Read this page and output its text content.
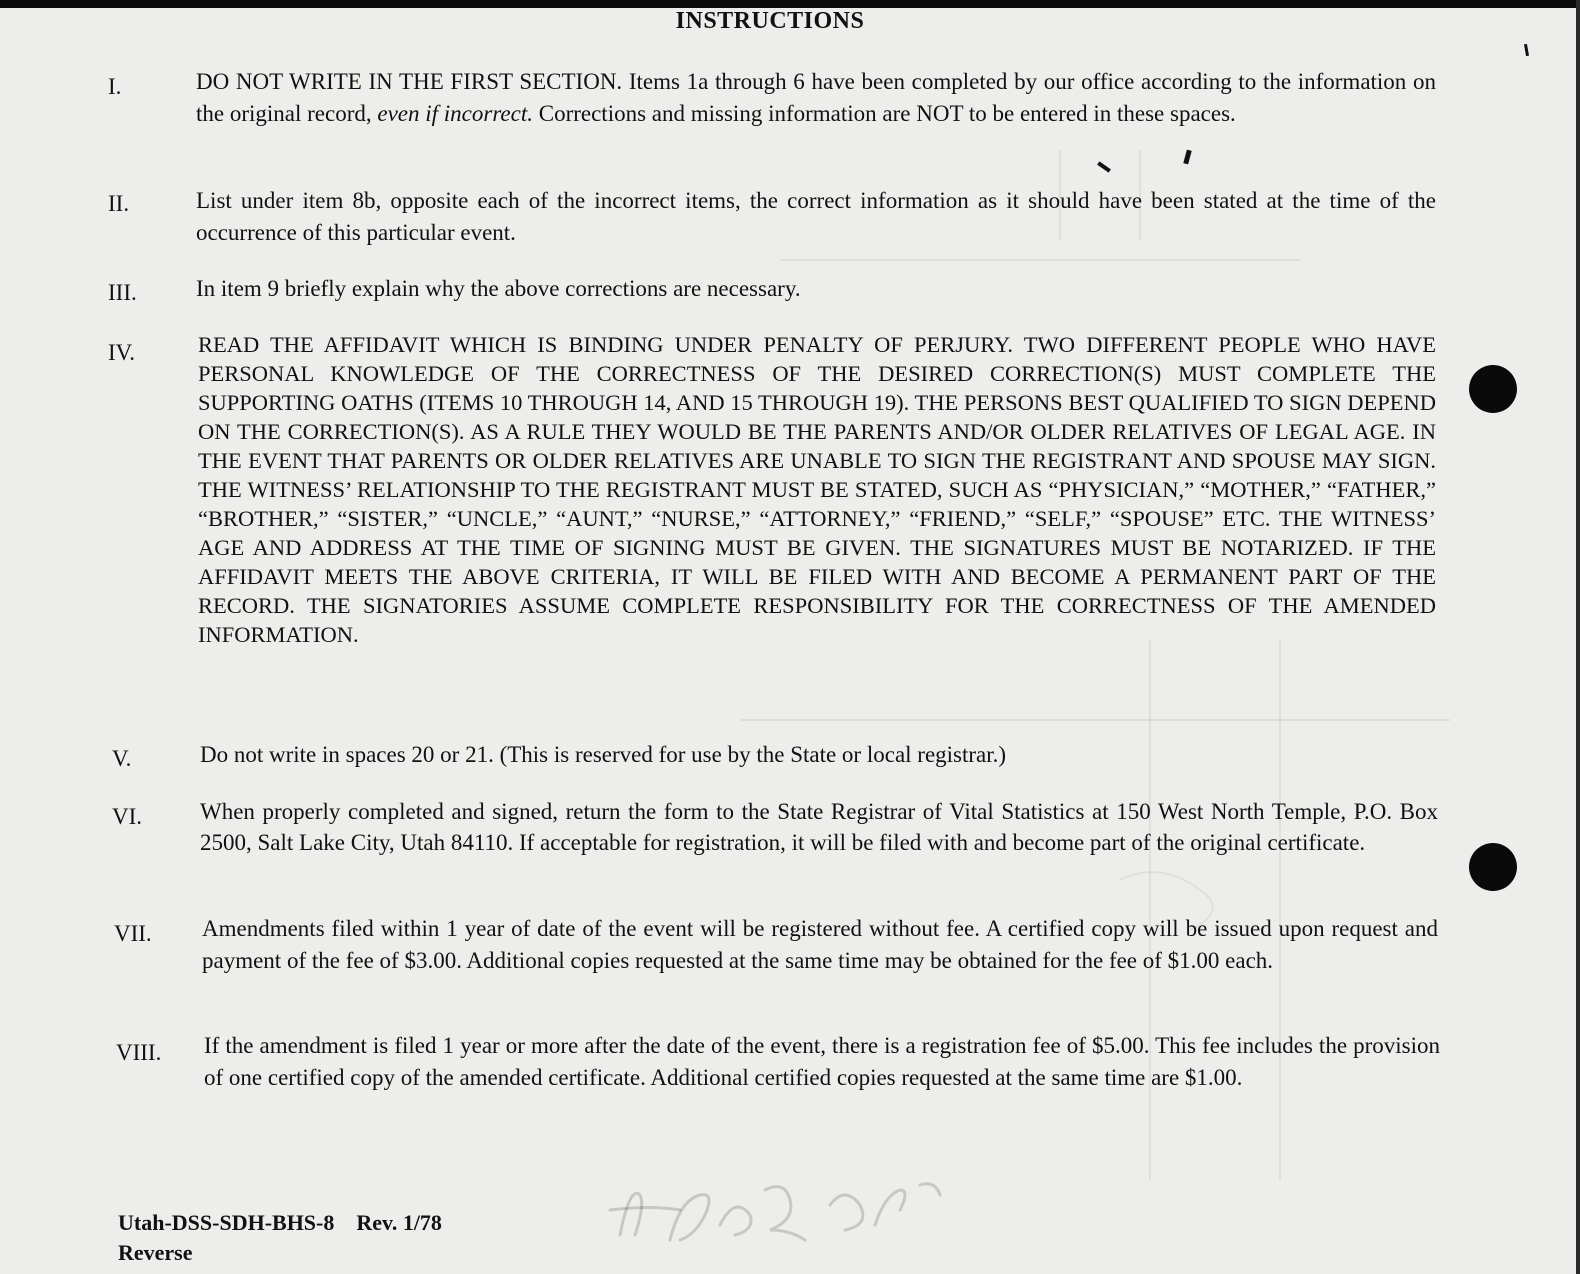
INSTRUCTIONS
I.	DO NOT WRITE IN THE FIRST SECTION. Items 1a through 6 have been completed by our office according to the information on the original record, even if incorrect. Corrections and missing information are NOT to be entered in these spaces.
II.	List under item 8b, opposite each of the incorrect items, the correct information as it should have been stated at the time of the occurrence of this particular event.
III.	In item 9 briefly explain why the above corrections are necessary.
IV.	READ THE AFFIDAVIT WHICH IS BINDING UNDER PENALTY OF PERJURY. TWO DIFFERENT PEOPLE WHO HAVE PERSONAL KNOWLEDGE OF THE CORRECTNESS OF THE DESIRED CORRECTION(S) MUST COMPLETE THE SUPPORTING OATHS (ITEMS 10 THROUGH 14, AND 15 THROUGH 19). THE PERSONS BEST QUALIFIED TO SIGN DEPEND ON THE CORRECTION(S). AS A RULE THEY WOULD BE THE PARENTS AND/OR OLDER RELATIVES OF LEGAL AGE. IN THE EVENT THAT PARENTS OR OLDER RELATIVES ARE UNABLE TO SIGN THE REGISTRANT AND SPOUSE MAY SIGN. THE WITNESS’ RELATIONSHIP TO THE REGISTRANT MUST BE STATED, SUCH AS “PHYSICIAN,” “MOTHER,” “FATHER,” “BROTHER,” “SISTER,” “UNCLE,” “AUNT,” “NURSE,” “ATTORNEY,” “FRIEND,” “SELF,” “SPOUSE” ETC. THE WITNESS’ AGE AND ADDRESS AT THE TIME OF SIGNING MUST BE GIVEN. THE SIGNATURES MUST BE NOTARIZED. IF THE AFFIDAVIT MEETS THE ABOVE CRITERIA, IT WILL BE FILED WITH AND BECOME A PERMANENT PART OF THE RECORD. THE SIGNATORIES ASSUME COMPLETE RESPONSIBILITY FOR THE CORRECTNESS OF THE AMENDED INFORMATION.
V.	Do not write in spaces 20 or 21. (This is reserved for use by the State or local registrar.)
VI.	When properly completed and signed, return the form to the State Registrar of Vital Statistics at 150 West North Temple, P.O. Box 2500, Salt Lake City, Utah 84110. If acceptable for registration, it will be filed with and become part of the original certificate.
VII. Amendments filed within 1 year of date of the event will be registered without fee. A certified copy will be issued upon request and payment of the fee of $3.00. Additional copies requested at the same time may be obtained for the fee of $1.00 each.
VIII. If the amendment is filed 1 year or more after the date of the event, there is a registration fee of $5.00. This fee includes the provision of one certified copy of the amended certificate. Additional certified copies requested at the same time are $1.00.
Utah-DSS-SDH-BHS-8 Rev. 1/78
Reverse
